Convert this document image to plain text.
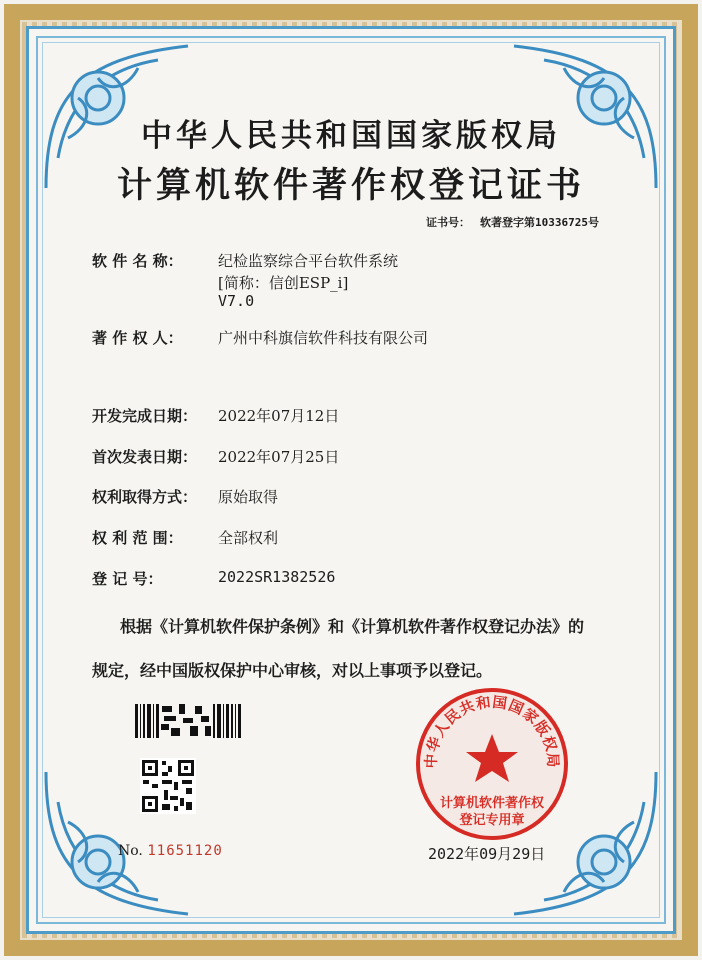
中华人民共和国国家版权局
计算机软件著作权登记证书
证书号： 软著登字第10336725号
软 件 名 称：	纪检监察综合平台软件系统
[简称：信创ESP_i]
V7.0
著 作 权 人：	广州中科旗信软件科技有限公司
开发完成日期：	2022年07月12日
首次发表日期：	2022年07月25日
权利取得方式：	原始取得
权 利 范 围：	全部权利
登 记 号：	2022SR1382526
根据《计算机软件保护条例》和《计算机软件著作权登记办法》的
规定，经中国版权保护中心审核，对以上事项予以登记。
No. 11651120
中华人民共和国国家版权局
计算机软件著作权
登记专用章
2022年09月29日
